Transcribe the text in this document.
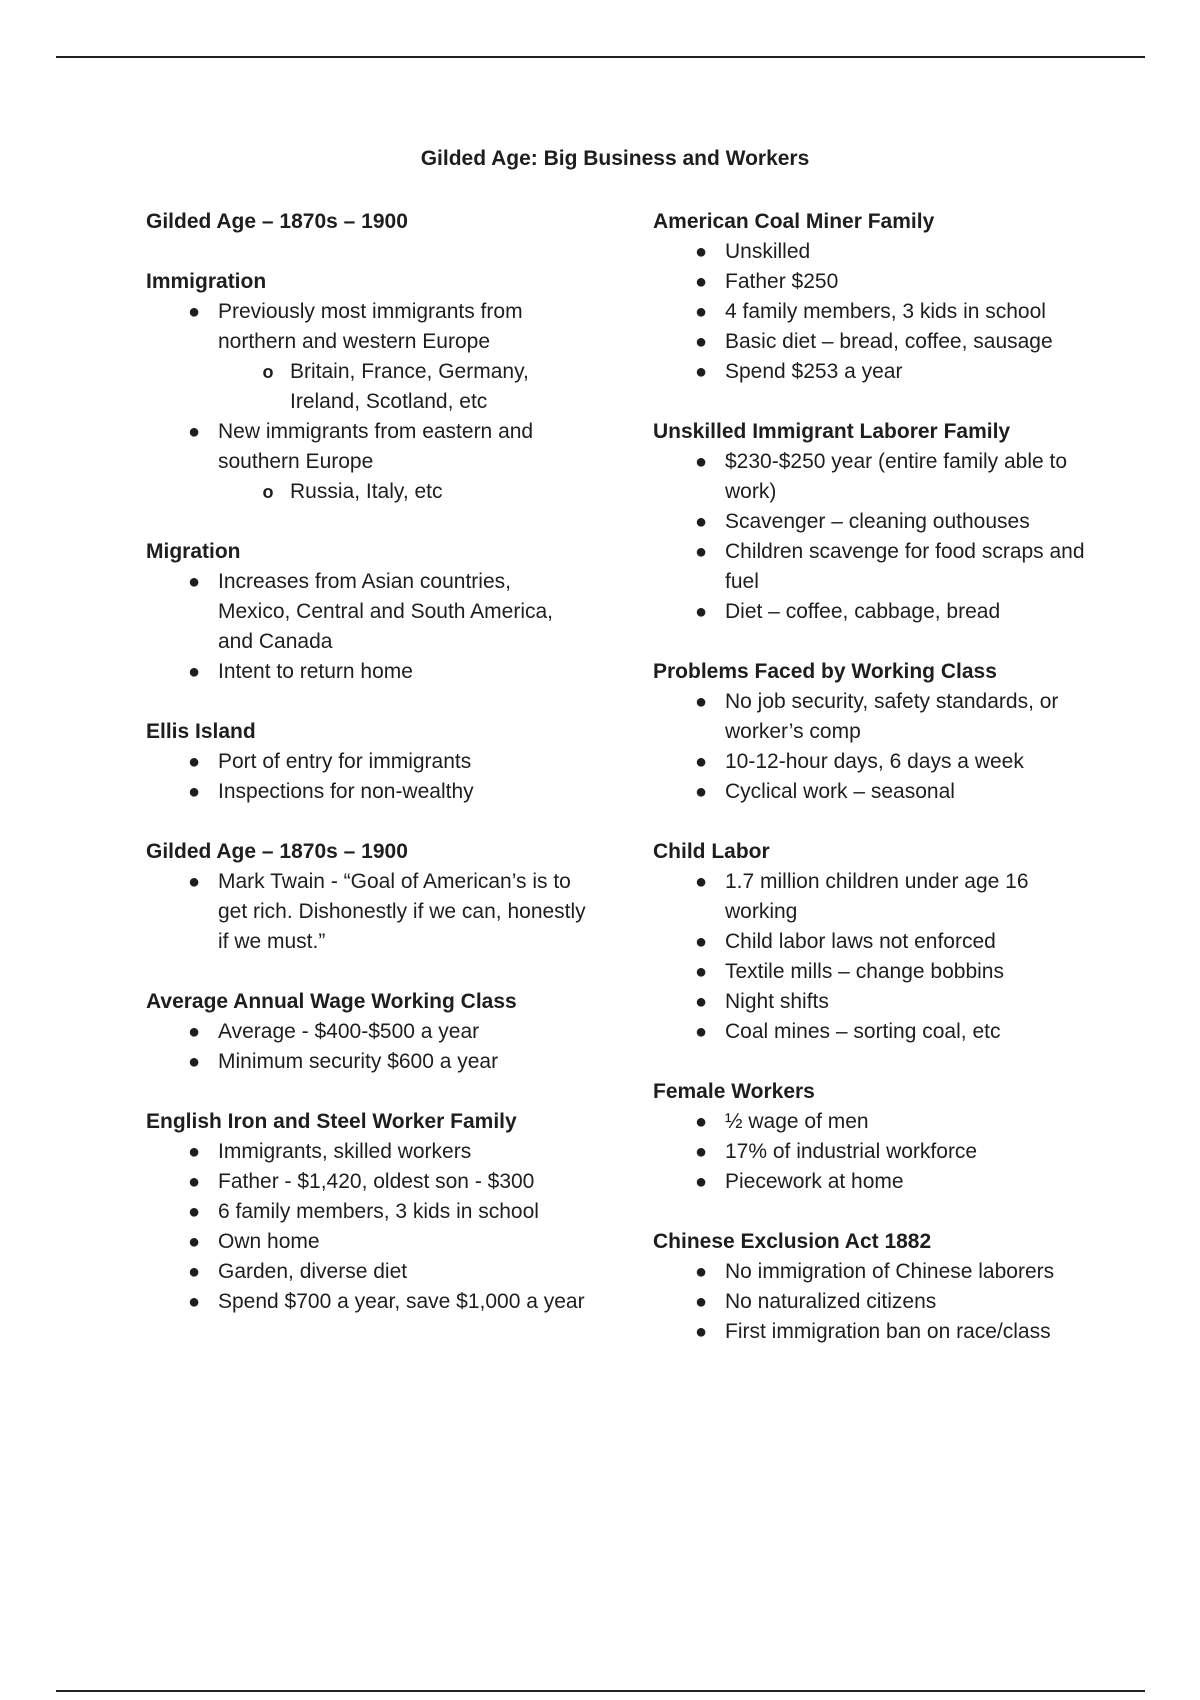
Gilded Age: Big Business and Workers

Gilded Age – 1870s – 1900

Immigration

● Previously most immigrants from northern and western Europe
o Britain, France, Germany, Ireland, Scotland, etc
● New immigrants from eastern and southern Europe
o Russia, Italy, etc

Migration

● Increases from Asian countries, Mexico, Central and South America, and Canada
● Intent to return home

Ellis Island

● Port of entry for immigrants
● Inspections for non-wealthy

Gilded Age – 1870s – 1900

● Mark Twain - “Goal of American’s is to get rich. Dishonestly if we can, honestly if we must.”

Average Annual Wage Working Class

● Average - $400-$500 a year
● Minimum security $600 a year

English Iron and Steel Worker Family

● Immigrants, skilled workers
● Father - $1,420, oldest son - $300
● 6 family members, 3 kids in school
● Own home
● Garden, diverse diet
● Spend $700 a year, save $1,000 a year

American Coal Miner Family

● Unskilled
● Father $250
● 4 family members, 3 kids in school
● Basic diet – bread, coffee, sausage
● Spend $253 a year

Unskilled Immigrant Laborer Family

● $230-$250 year (entire family able to work)
● Scavenger – cleaning outhouses
● Children scavenge for food scraps and fuel
● Diet – coffee, cabbage, bread

Problems Faced by Working Class

● No job security, safety standards, or worker’s comp
● 10-12-hour days, 6 days a week
● Cyclical work – seasonal

Child Labor

● 1.7 million children under age 16 working
● Child labor laws not enforced
● Textile mills – change bobbins
● Night shifts
● Coal mines – sorting coal, etc

Female Workers

● ½ wage of men
● 17% of industrial workforce
● Piecework at home

Chinese Exclusion Act 1882

● No immigration of Chinese laborers
● No naturalized citizens
● First immigration ban on race/class
